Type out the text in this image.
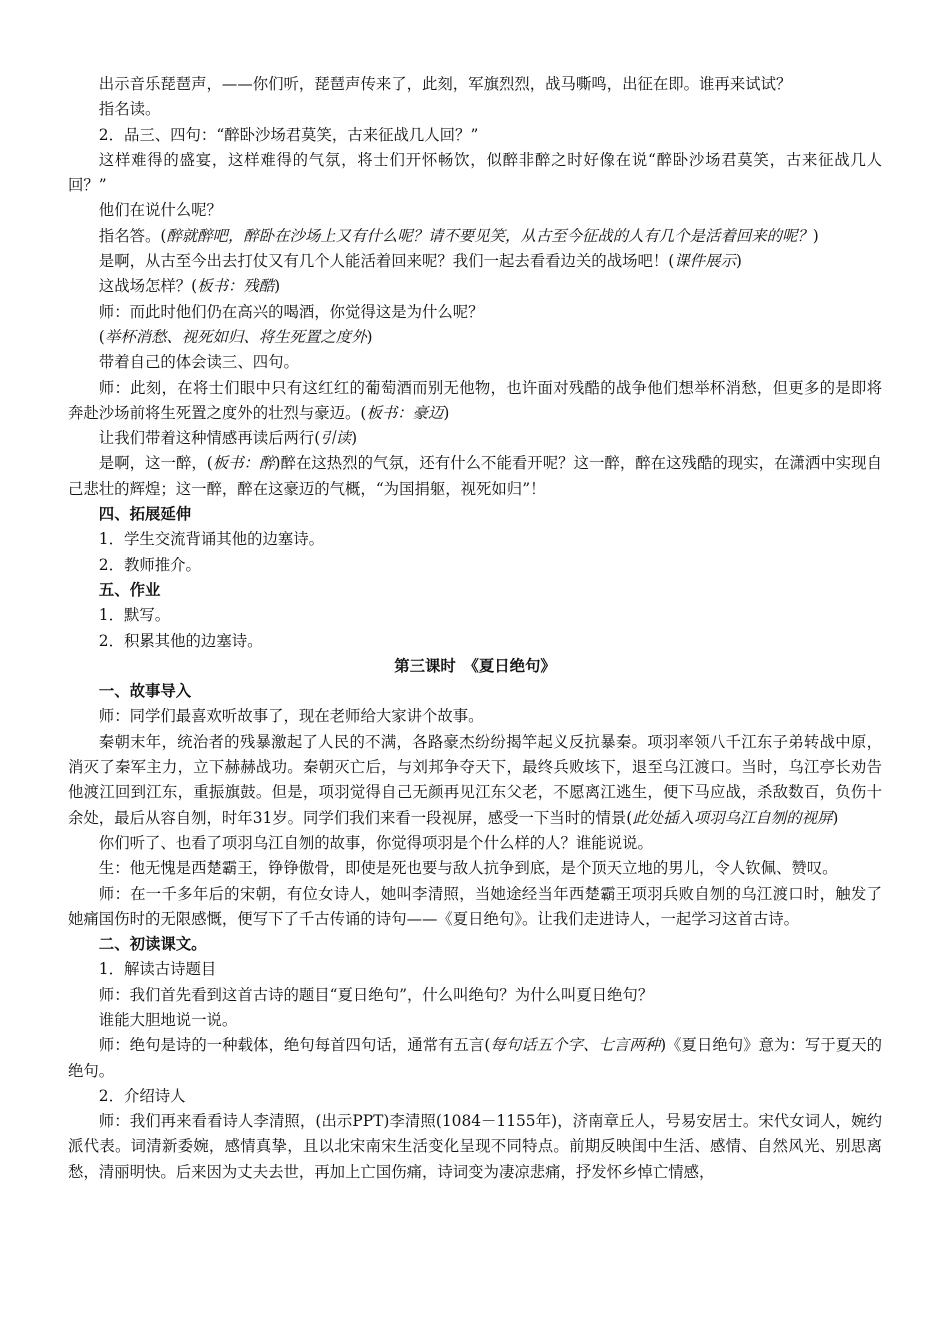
出示音乐琵琶声，——你们听，琵琶声传来了，此刻，军旗烈烈，战马嘶鸣，出征在即。谁再来试试？

指名读。

2．品三、四句：“醉卧沙场君莫笑，古来征战几人回？”

这样难得的盛宴，这样难得的气氛，将士们开怀畅饮，似醉非醉之时好像在说“醉卧沙场君莫笑，古来征战几人回？”

他们在说什么呢？

指名答。(醉就醉吧，醉卧在沙场上又有什么呢？请不要见笑，从古至今征战的人有几个是活着回来的呢？)

是啊，从古至今出去打仗又有几个人能活着回来呢？我们一起去看看边关的战场吧！(课件展示)

这战场怎样？(板书：残酷)

师：而此时他们仍在高兴的喝酒，你觉得这是为什么呢？

(举杯消愁、视死如归、将生死置之度外)

带着自己的体会读三、四句。

师：此刻，在将士们眼中只有这红红的葡萄酒而别无他物，也许面对残酷的战争他们想举杯消愁，但更多的是即将奔赴沙场前将生死置之度外的壮烈与豪迈。(板书：豪迈)

让我们带着这种情感再读后两行(引读)

是啊，这一醉，(板书：醉)醉在这热烈的气氛，还有什么不能看开呢？这一醉，醉在这残酷的现实，在潇洒中实现自己悲壮的辉煌；这一醉，醉在这豪迈的气概，“为国捐躯，视死如归”！

四、拓展延伸

1．学生交流背诵其他的边塞诗。

2．教师推介。

五、作业

1．默写。

2．积累其他的边塞诗。

第三课时　《夏日绝句》

一、故事导入

师：同学们最喜欢听故事了，现在老师给大家讲个故事。

秦朝末年，统治者的残暴激起了人民的不满，各路豪杰纷纷揭竿起义反抗暴秦。项羽率领八千江东子弟转战中原，消灭了秦军主力，立下赫赫战功。秦朝灭亡后，与刘邦争夺天下，最终兵败垓下，退至乌江渡口。当时，乌江亭长劝告他渡江回到江东，重振旗鼓。但是，项羽觉得自己无颜再见江东父老，不愿离江逃生，便下马应战，杀敌数百，负伤十余处，最后从容自刎，时年31岁。同学们我们来看一段视屏，感受一下当时的情景(此处插入项羽乌江自刎的视屏)

你们听了、也看了项羽乌江自刎的故事，你觉得项羽是个什么样的人？谁能说说。

生：他无愧是西楚霸王，铮铮傲骨，即使是死也要与敌人抗争到底，是个顶天立地的男儿，令人钦佩、赞叹。

师：在一千多年后的宋朝，有位女诗人，她叫李清照，当她途经当年西楚霸王项羽兵败自刎的乌江渡口时，触发了她痛国伤时的无限感慨，便写下了千古传诵的诗句——《夏日绝句》。让我们走进诗人，一起学习这首古诗。

二、初读课文。

1．解读古诗题目

师：我们首先看到这首古诗的题目“夏日绝句”，什么叫绝句？为什么叫夏日绝句？

谁能大胆地说一说。

师：绝句是诗的一种载体，绝句每首四句话，通常有五言(每句话五个字、七言两种)《夏日绝句》意为：写于夏天的绝句。

2．介绍诗人

师：我们再来看看诗人李清照，(出示PPT)李清照(1084－1155年)，济南章丘人，号易安居士。宋代女词人，婉约派代表。词清新委婉，感情真挚，且以北宋南宋生活变化呈现不同特点。前期反映闺中生活、感情、自然风光、别思离愁，清丽明快。后来因为丈夫去世，再加上亡国伤痛，诗词变为凄凉悲痛，抒发怀乡悼亡情感，
